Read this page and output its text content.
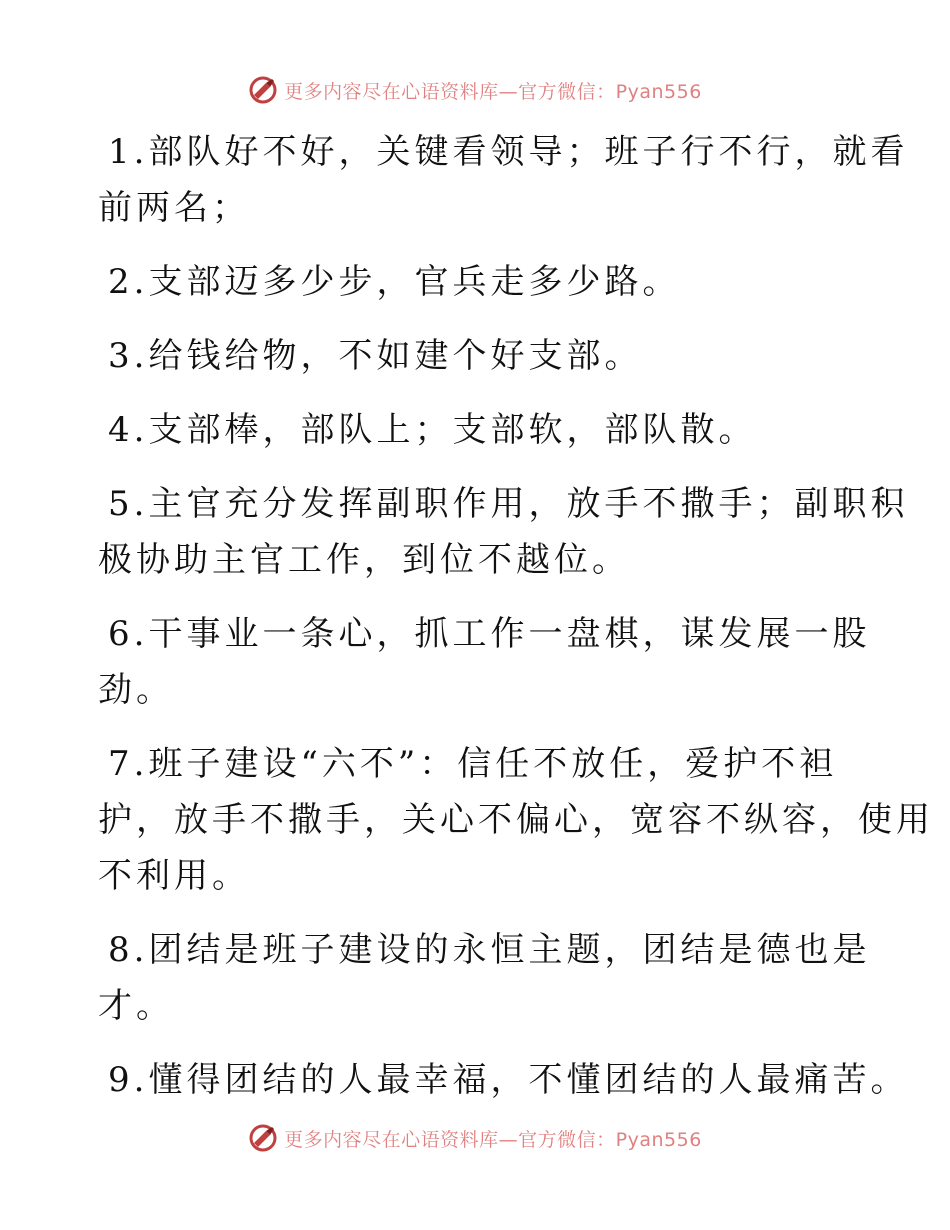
更多内容尽在心语资料库—官方微信：Pyan556
1.部队好不好，关键看领导；班子行不行，就看
前两名；
2.支部迈多少步，官兵走多少路。
3.给钱给物，不如建个好支部。
4.支部棒，部队上；支部软，部队散。
5.主官充分发挥副职作用，放手不撒手；副职积
极协助主官工作，到位不越位。
6.干事业一条心，抓工作一盘棋，谋发展一股
劲。
7.班子建设“六不”：信任不放任，爱护不袒
护，放手不撒手，关心不偏心，宽容不纵容，使用
不利用。
8.团结是班子建设的永恒主题，团结是德也是
才。
9.懂得团结的人最幸福，不懂团结的人最痛苦。
更多内容尽在心语资料库—官方微信：Pyan556
